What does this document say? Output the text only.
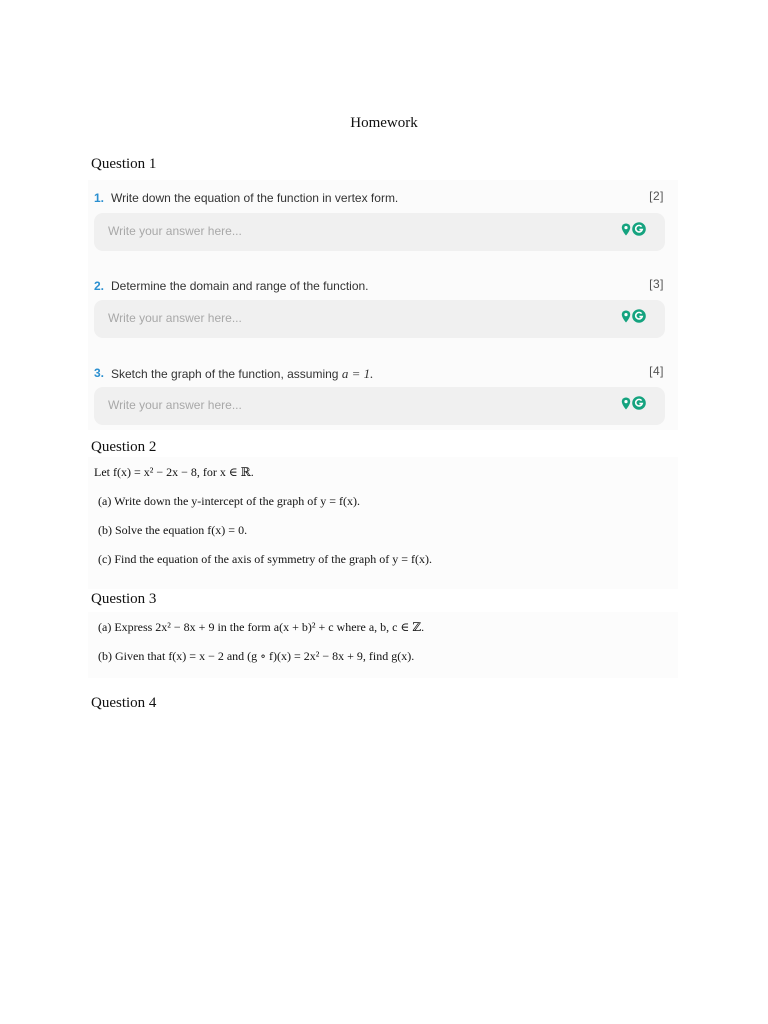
Homework
Question 1
1. Write down the equation of the function in vertex form.	[2]
Write your answer here...
2. Determine the domain and range of the function.	[3]
Write your answer here...
3. Sketch the graph of the function, assuming a = 1.	[4]
Write your answer here...
Question 2
Let f(x) = x² − 2x − 8, for x ∈ ℝ.
(a) Write down the y-intercept of the graph of y = f(x).
(b) Solve the equation f(x) = 0.
(c) Find the equation of the axis of symmetry of the graph of y = f(x).
Question 3
(a) Express 2x² − 8x + 9 in the form a(x + b)² + c where a, b, c ∈ ℤ.
(b) Given that f(x) = x − 2 and (g ∘ f)(x) = 2x² − 8x + 9, find g(x).
Question 4
